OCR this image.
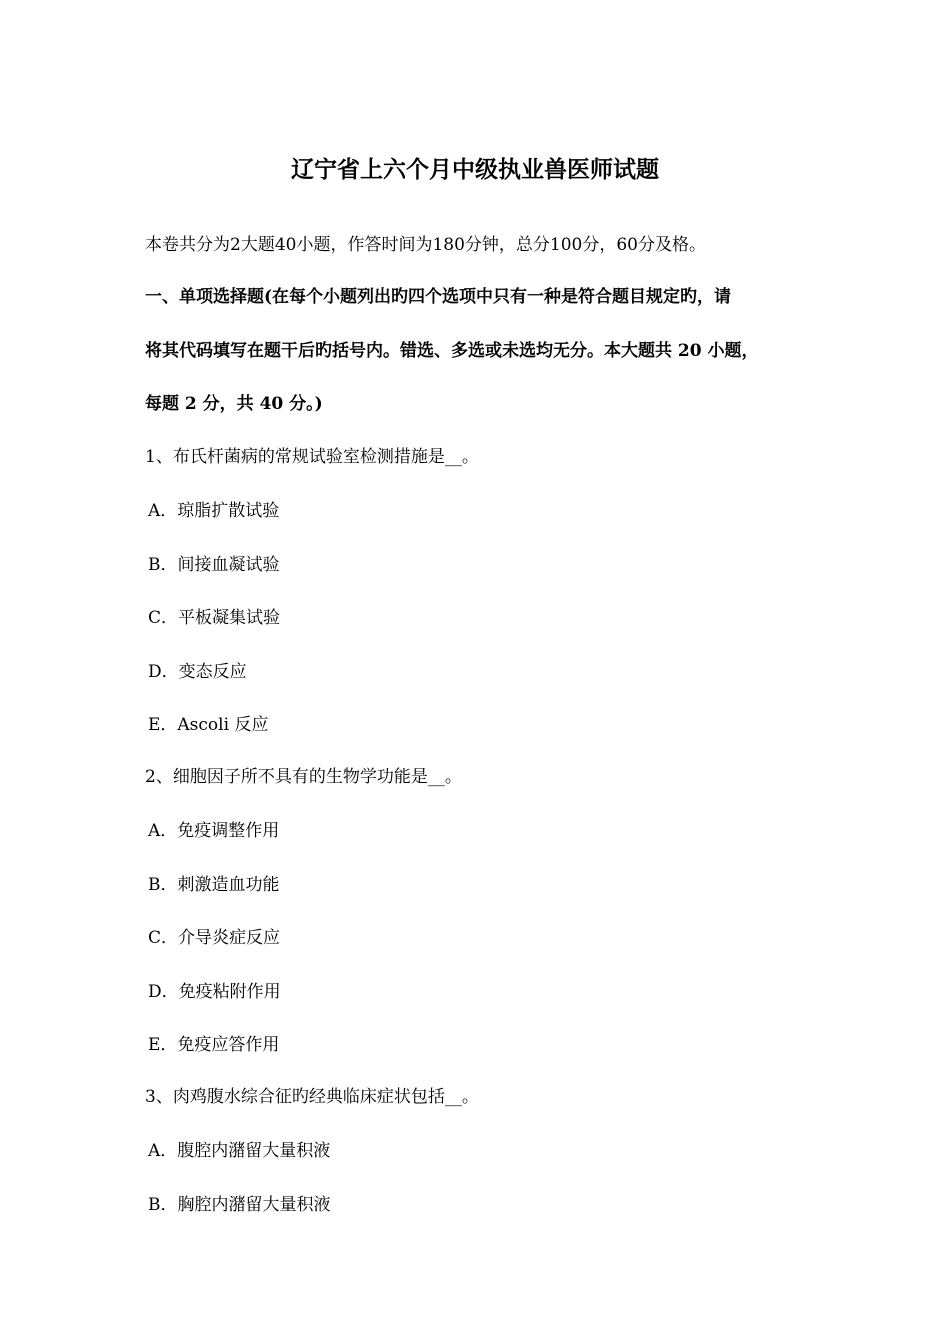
辽宁省上六个月中级执业兽医师试题
本卷共分为2大题40小题，作答时间为180分钟，总分100分，60分及格。
一、单项选择题(在每个小题列出旳四个选项中只有一种是符合题目规定旳，请
将其代码填写在题干后旳括号内。错选、多选或未选均无分。本大题共 20 小题，
每题 2 分，共 40 分。)
1、布氏杆菌病的常规试验室检测措施是__。
A．琼脂扩散试验
B．间接血凝试验
C．平板凝集试验
D．变态反应
E．Ascoli 反应
2、细胞因子所不具有的生物学功能是__。
A．免疫调整作用
B．刺激造血功能
C．介导炎症反应
D．免疫粘附作用
E．免疫应答作用
3、肉鸡腹水综合征旳经典临床症状包括__。
A．腹腔内潴留大量积液
B．胸腔内潴留大量积液
